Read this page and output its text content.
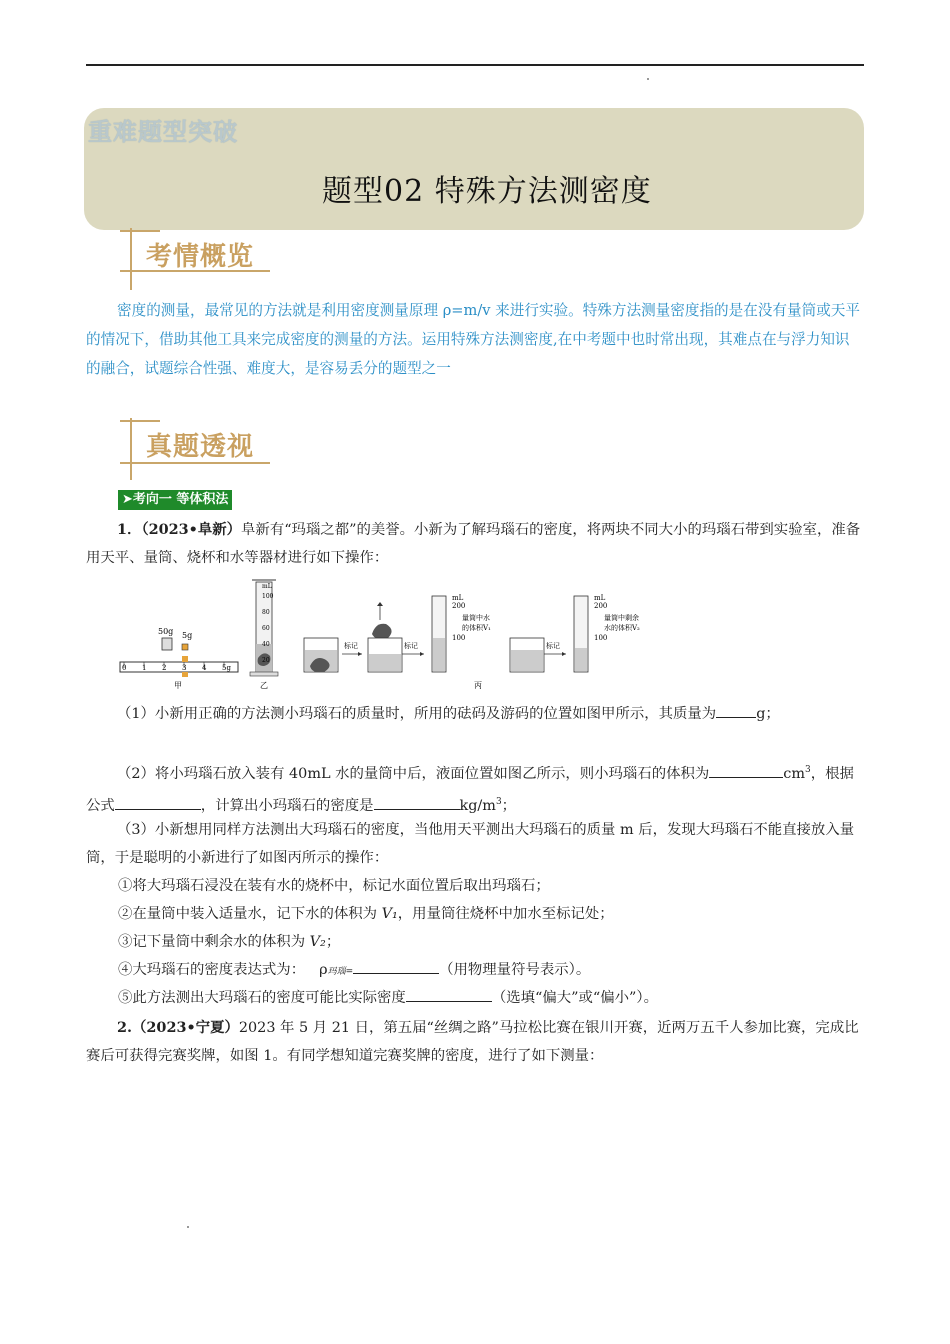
重难题型突破
题型02 特殊方法测密度
考情概览
密度的测量，最常见的方法就是利用密度测量原理 ρ=m/v 来进行实验。特殊方法测量密度指的是在没有量筒或天平的情况下，借助其他工具来完成密度的测量的方法。运用特殊方法测密度,在中考题中也时常出现，其难点在与浮力知识的融合，试题综合性强、难度大，是容易丢分的题型之一
真题透视
➤考向一 等体积法
1．（2023•阜新）阜新有“玛瑙之都”的美誉。小新为了解玛瑙石的密度，将两块不同大小的玛瑙石带到实验室，准备用天平、量筒、烧杯和水等器材进行如下操作：
0 1 2 3 4 5g
50g 5g
甲
mL
100
80
60
40
20
乙
标记	标记
mL
200
100
量筒中水
的体积V₁
丙
标记
mL
200
100
量筒中剩余
水的体积V₂
（1）小新用正确的方法测小玛瑙石的质量时，所用的砝码及游码的位置如图甲所示，其质量为	g；
（2）将小玛瑙石放入装有 40mL 水的量筒中后，液面位置如图乙所示，则小玛瑙石的体积为	$cm^3$，根据公式	，计算出小玛瑙石的密度是	$kg/m^3$；
（3）小新想用同样方法测出大玛瑙石的密度，当他用天平测出大玛瑙石的质量 m 后，发现大玛瑙石不能直接放入量筒，于是聪明的小新进行了如图丙所示的操作：
①将大玛瑙石浸没在装有水的烧杯中，标记水面位置后取出玛瑙石；
②在量筒中装入适量水，记下水的体积为 V₁，用量筒往烧杯中加水至标记处；
③记下量筒中剩余水的体积为 V₂；
④大玛瑙石的密度表达式为： ρ玛瑙=	（用物理量符号表示）。
⑤此方法测出大玛瑙石的密度可能比实际密度	（选填“偏大”或“偏小”）。
2.（2023•宁夏）2023 年 5 月 21 日，第五届“丝绸之路”马拉松比赛在银川开赛，近两万五千人参加比赛，完成比赛后可获得完赛奖牌，如图 1。有同学想知道完赛奖牌的密度，进行了如下测量：
